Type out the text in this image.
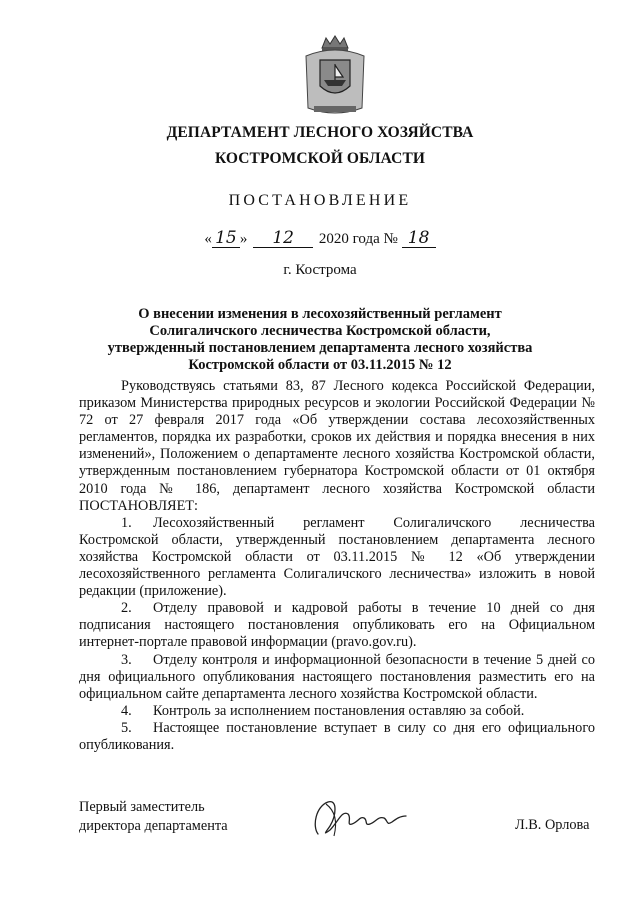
ДЕПАРТАМЕНТ ЛЕСНОГО ХОЗЯЙСТВА
КОСТРОМСКОЙ ОБЛАСТИ
ПОСТАНОВЛЕНИЕ
« 15 » 12 2020 года № 18
г. Кострома
О внесении изменения в лесохозяйственный регламент Солигаличского лесничества Костромской области, утвержденный постановлением департамента лесного хозяйства Костромской области от 03.11.2015 № 12

Руководствуясь статьями 83, 87 Лесного кодекса Российской Федерации, приказом Министерства природных ресурсов и экологии Российской Федерации № 72 от 27 февраля 2017 года «Об утверждении состава лесохозяйственных регламентов, порядка их разработки, сроков их действия и порядка внесения в них изменений», Положением о департаменте лесного хозяйства Костромской области, утвержденным постановлением губернатора Костромской области от 01 октября 2010 года № 186, департамент лесного хозяйства Костромской области ПОСТАНОВЛЯЕТ:

1. Лесохозяйственный регламент Солигаличского лесничества Костромской области, утвержденный постановлением департамента лесного хозяйства Костромской области от 03.11.2015 № 12 «Об утверждении лесохозяйственного регламента Солигаличского лесничества» изложить в новой редакции (приложение).

2. Отделу правовой и кадровой работы в течение 10 дней со дня подписания настоящего постановления опубликовать его на Официальном интернет-портале правовой информации (pravo.gov.ru).

3. Отделу контроля и информационной безопасности в течение 5 дней со дня официального опубликования настоящего постановления разместить его на официальном сайте департамента лесного хозяйства Костромской области.

4. Контроль за исполнением постановления оставляю за собой.

5. Настоящее постановление вступает в силу со дня его официального опубликования.

Первый заместитель
директора департамента	Л.В. Орлова
